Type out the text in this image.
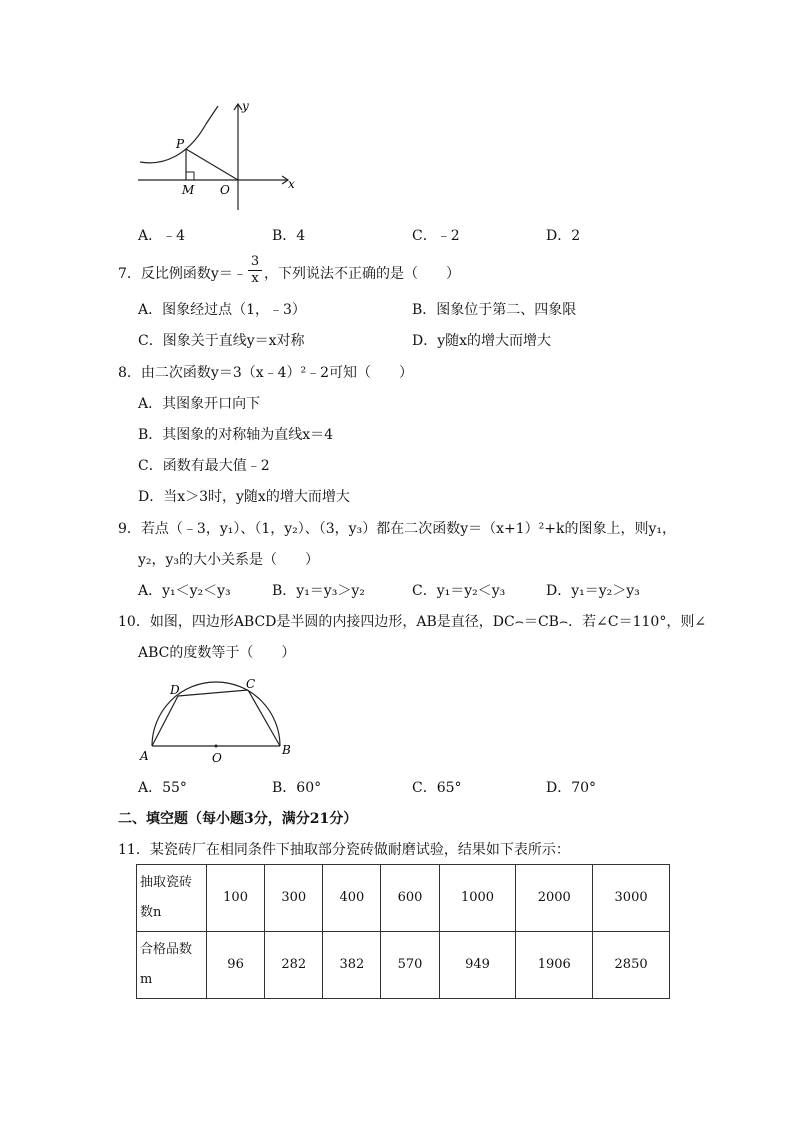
y
x
P
M O
A．﹣4	B．4	C．﹣2	D．2
7．反比例函数y＝﹣
3
x ，下列说法不正确的是（　　）
A．图象经过点（1，﹣3）	B．图象位于第二、四象限
C．图象关于直线y＝x对称	D．y随x的增大而增大
8．由二次函数y＝3（x﹣4）²﹣2可知（　　）
A．其图象开口向下
B．其图象的对称轴为直线x＝4
C．函数有最大值﹣2
D．当x＞3时，y随x的增大而增大
9．若点（﹣3，y₁）、（1，y₂）、（3，y₃）都在二次函数y＝（x+1）²+k的图象上，则y₁，
y₂，y₃的大小关系是（　　）
A．y₁＜y₂＜y₃	B．y₁＝y₃＞y₂	C．y₁＝y₂＜y₃	D．y₁＝y₂＞y₃
10．如图，四边形ABCD是半圆的内接四边形，AB是直径，DC⌢＝CB⌢．若∠C＝110°，则∠
ABC的度数等于（　　）
A	B
C
D
O
A．55°	B．60°	C．65°	D．70°
二、填空题（每小题3分，满分21分）
11．某瓷砖厂在相同条件下抽取部分瓷砖做耐磨试验，结果如下表所示：
抽取瓷砖
数n	100	300	400	600	1000	2000	3000

合格品数
m	96	282	382	570	949	1906	2850
